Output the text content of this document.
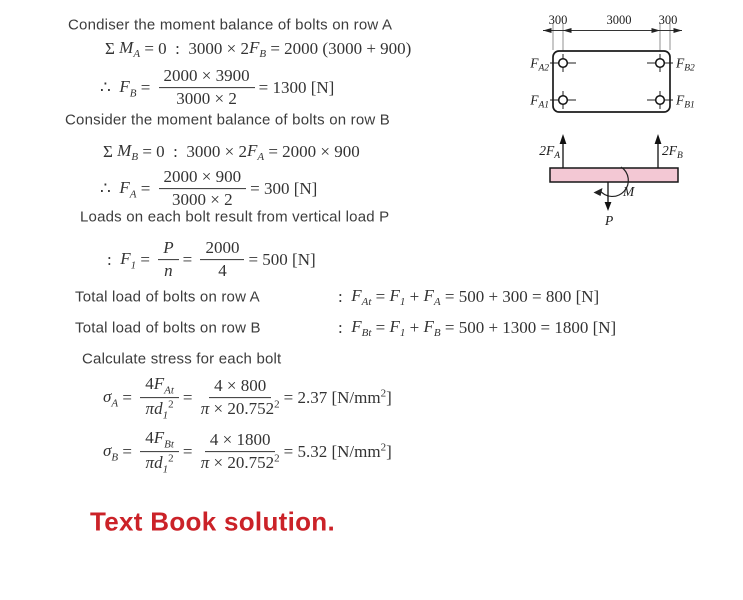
Condiser the moment balance of bolts on row A
Σ $M_A = 0$  :  3000 × 2 $F_B = 2000$ (3000 + 900)
∴ $F_B = \frac{2000 \times 3900}{3000 \times 2} = 1300$ [N]
Consider the moment balance of bolts on row B
Σ $M_B = 0$  :  3000 × 2 $F_A = 2000 \times 900$
∴ $F_A = \frac{2000 \times 900}{3000 \times 2} = 300$ [N]
Loads on each bolt result from vertical load P
: $F_1 = \frac{P}{n} = \frac{2000}{4} = 500$ [N]
Total load of bolts on row A	: $F_{At} = F_1 + F_A = 500 + 300 = 800$ [N]
Total load of bolts on row B	: $F_{Bt} = F_1 + F_B = 500 + 1300 = 1800$ [N]
Calculate stress for each bolt
$\sigma_A = \frac{4 F_{At}}{\pi d_1^2} = \frac{4 \times 800}{\pi \times 20.752^2} = 2.37$ [$N/mm^2$ ]
$\sigma_B = \frac{4 F_{Bt}}{\pi d_1^2} = \frac{4 \times 1800}{\pi \times 20.752^2} = 5.32$ [$N/mm^2$ ]
Text Book solution.
300	3000 300
FA2	FB2
FA1	FB1
2FA	2FB
M
P
